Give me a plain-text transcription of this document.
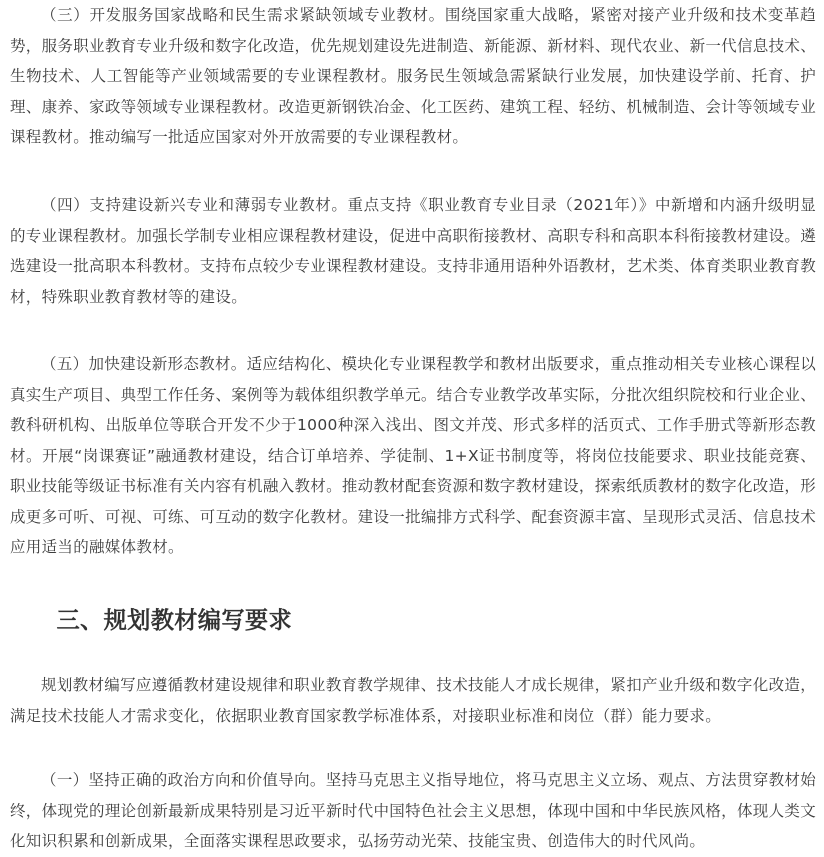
（三）开发服务国家战略和民生需求紧缺领域专业教材。围绕国家重大战略，紧密对接产业升级和技术变革趋势，服务职业教育专业升级和数字化改造，优先规划建设先进制造、新能源、新材料、现代农业、新一代信息技术、生物技术、人工智能等产业领域需要的专业课程教材。服务民生领域急需紧缺行业发展，加快建设学前、托育、护理、康养、家政等领域专业课程教材。改造更新钢铁冶金、化工医药、建筑工程、轻纺、机械制造、会计等领域专业课程教材。推动编写一批适应国家对外开放需要的专业课程教材。

（四）支持建设新兴专业和薄弱专业教材。重点支持《职业教育专业目录（2021年）》中新增和内涵升级明显的专业课程教材。加强长学制专业相应课程教材建设，促进中高职衔接教材、高职专科和高职本科衔接教材建设。遴选建设一批高职本科教材。支持布点较少专业课程教材建设。支持非通用语种外语教材，艺术类、体育类职业教育教材，特殊职业教育教材等的建设。

（五）加快建设新形态教材。适应结构化、模块化专业课程教学和教材出版要求，重点推动相关专业核心课程以真实生产项目、典型工作任务、案例等为载体组织教学单元。结合专业教学改革实际，分批次组织院校和行业企业、教科研机构、出版单位等联合开发不少于1000种深入浅出、图文并茂、形式多样的活页式、工作手册式等新形态教材。开展“岗课赛证”融通教材建设，结合订单培养、学徒制、1+X证书制度等，将岗位技能要求、职业技能竞赛、职业技能等级证书标准有关内容有机融入教材。推动教材配套资源和数字教材建设，探索纸质教材的数字化改造，形成更多可听、可视、可练、可互动的数字化教材。建设一批编排方式科学、配套资源丰富、呈现形式灵活、信息技术应用适当的融媒体教材。

三、规划教材编写要求

规划教材编写应遵循教材建设规律和职业教育教学规律、技术技能人才成长规律，紧扣产业升级和数字化改造，满足技术技能人才需求变化，依据职业教育国家教学标准体系，对接职业标准和岗位（群）能力要求。

（一）坚持正确的政治方向和价值导向。坚持马克思主义指导地位，将马克思主义立场、观点、方法贯穿教材始终，体现党的理论创新最新成果特别是习近平新时代中国特色社会主义思想，体现中国和中华民族风格，体现人类文化知识积累和创新成果，全面落实课程思政要求，弘扬劳动光荣、技能宝贵、创造伟大的时代风尚。
